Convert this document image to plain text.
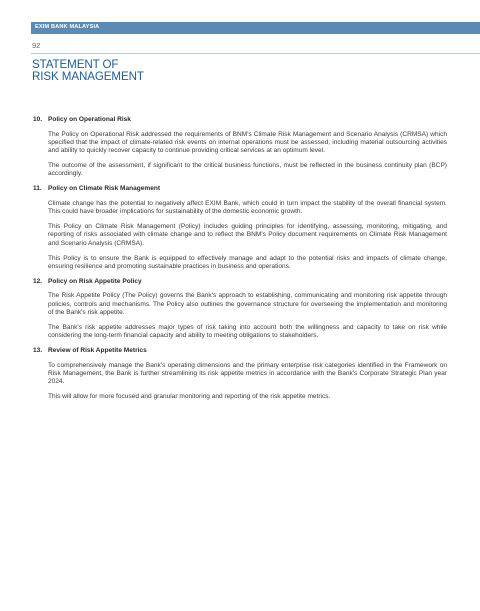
EXIM BANK MALAYSIA
92
STATEMENT OF
RISK MANAGEMENT
10. Policy on Operational Risk

The Policy on Operational Risk addressed the requirements of BNM's Climate Risk Management and Scenario Analysis (CRMSA) which specified that the impact of climate-related risk events on internal operations must be assessed, including material outsourcing activities and ability to quickly recover capacity to continue providing critical services at an optimum level.

The outcome of the assessment, if significant to the critical business functions, must be reflected in the business continuity plan (BCP) accordingly.

11. Policy on Climate Risk Management

Climate change has the potential to negatively affect EXIM Bank, which could in turn impact the stability of the overall financial system. This could have broader implications for sustainability of the domestic economic growth.

This Policy on Climate Risk Management (Policy) includes guiding principles for identifying, assessing, monitoring, mitigating, and reporting of risks associated with climate change and to reflect the BNM's Policy document requirements on Climate Risk Management and Scenario Analysis (CRMSA).

This Policy is to ensure the Bank is equipped to effectively manage and adapt to the potential risks and impacts of climate change, ensuring resilience and promoting sustainable practices in business and operations.

12. Policy on Risk Appetite Policy

The Risk Appetite Policy (The Policy) governs the Bank's approach to establishing, communicating and monitoring risk appetite through policies, controls and mechanisms. The Policy also outlines the governance structure for overseeing the implementation and monitoring of the Bank's risk appetite.

The Bank's risk appetite addresses major types of risk taking into account both the willingness and capacity to take on risk while considering the long-term financial capacity and ability to meeting obligations to stakeholders.

13. Review of Risk Appetite Metrics

To comprehensively manage the Bank's operating dimensions and the primary enterprise risk categories identified in the Framework on Risk Management, the Bank is further streamlining its risk appetite metrics in accordance with the Bank's Corporate Strategic Plan year 2024.

This will allow for more focused and granular monitoring and reporting of the risk appetite metrics.
